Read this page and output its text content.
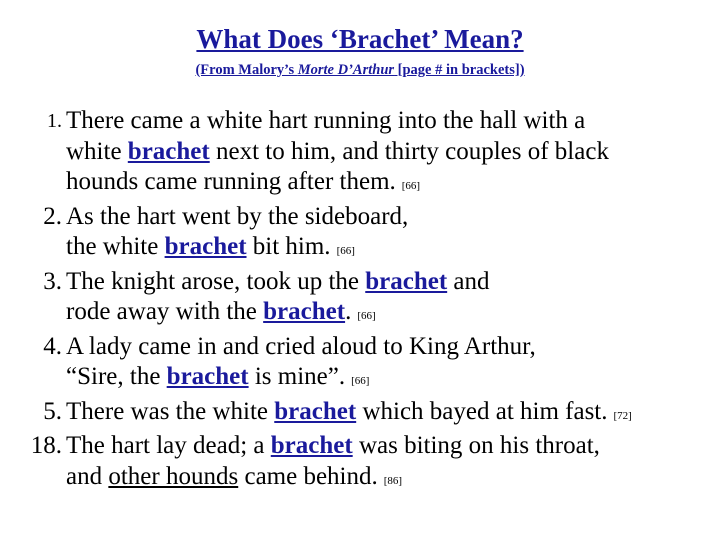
What Does ‘Brachet’ Mean?
(From Malory’s Morte D’Arthur [page # in brackets])
1. There came a white hart running into the hall with a
white brachet next to him, and thirty couples of black
hounds came running after them. [66]
2. As the hart went by the sideboard,
the white brachet bit him. [66]
3. The knight arose, took up the brachet and
rode away with the brachet. [66]
4. A lady came in and cried aloud to King Arthur,
“Sire, the brachet is mine”. [66]
5. There was the white brachet which bayed at him fast. [72]
18. The hart lay dead; a brachet was biting on his throat,
and other hounds came behind. [86]
